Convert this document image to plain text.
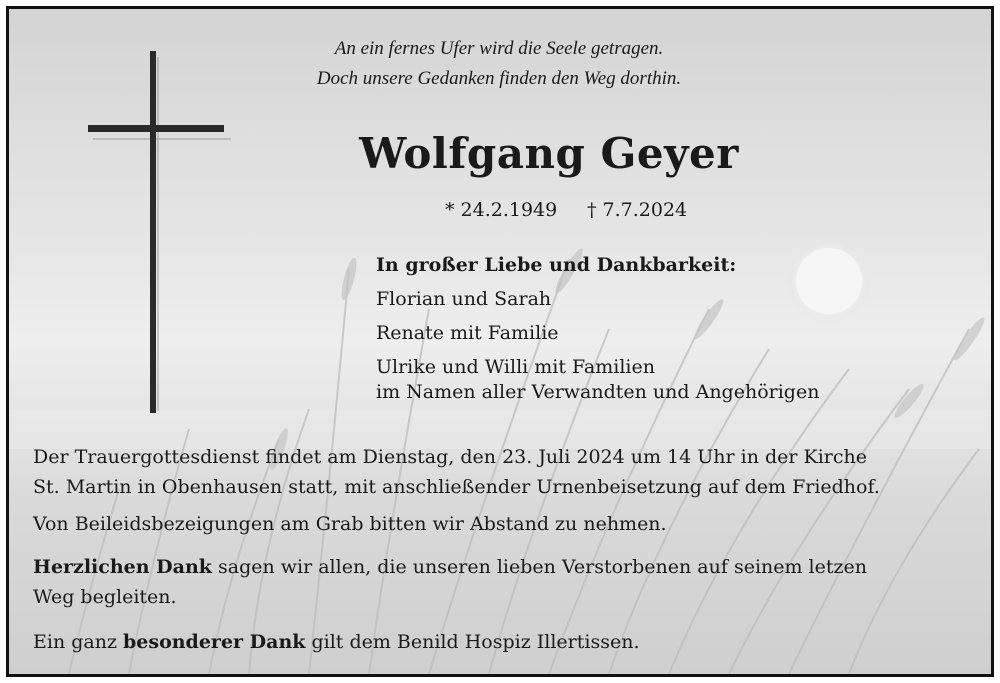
An ein fernes Ufer wird die Seele getragen.
Doch unsere Gedanken finden den Weg dorthin.
Wolfgang Geyer
* 24.2.1949 † 7.7.2024
In großer Liebe und Dankbarkeit:
Florian und Sarah
Renate mit Familie
Ulrike und Willi mit Familien
im Namen aller Verwandten und Angehörigen
Der Trauergottesdienst findet am Dienstag, den 23. Juli 2024 um 14 Uhr in der Kirche
St. Martin in Obenhausen statt, mit anschließender Urnenbeisetzung auf dem Friedhof.
Von Beileidsbezeigungen am Grab bitten wir Abstand zu nehmen.
Herzlichen Dank sagen wir allen, die unseren lieben Verstorbenen auf seinem letzen
Weg begleiten.
Ein ganz besonderer Dank gilt dem Benild Hospiz Illertissen.
